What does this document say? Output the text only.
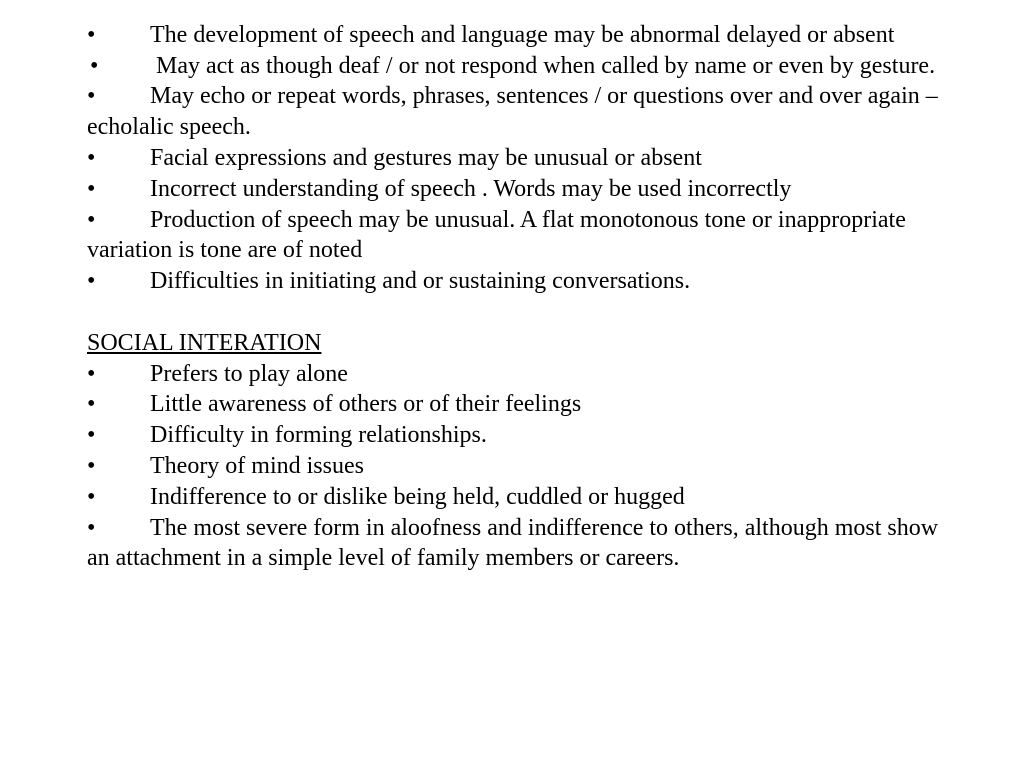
• The development of speech and language may be abnormal delayed or absent

• May act as though deaf / or not respond when called by name or even by gesture.

• May echo or repeat words, phrases, sentences / or questions over and over again – echolalic speech.

• Facial expressions and gestures may be unusual or absent

• Incorrect understanding of speech . Words may be used incorrectly

• Production of speech may be unusual. A flat monotonous tone or inappropriate variation is tone are of noted

• Difficulties in initiating and or sustaining conversations.

SOCIAL INTERATION

• Prefers to play alone

• Little awareness of others or of their feelings

• Difficulty in forming relationships.

• Theory of mind issues

• Indifference to or dislike being held, cuddled or hugged

• The most severe form in aloofness and indifference to others, although most show an attachment in a simple level of family members or careers.
